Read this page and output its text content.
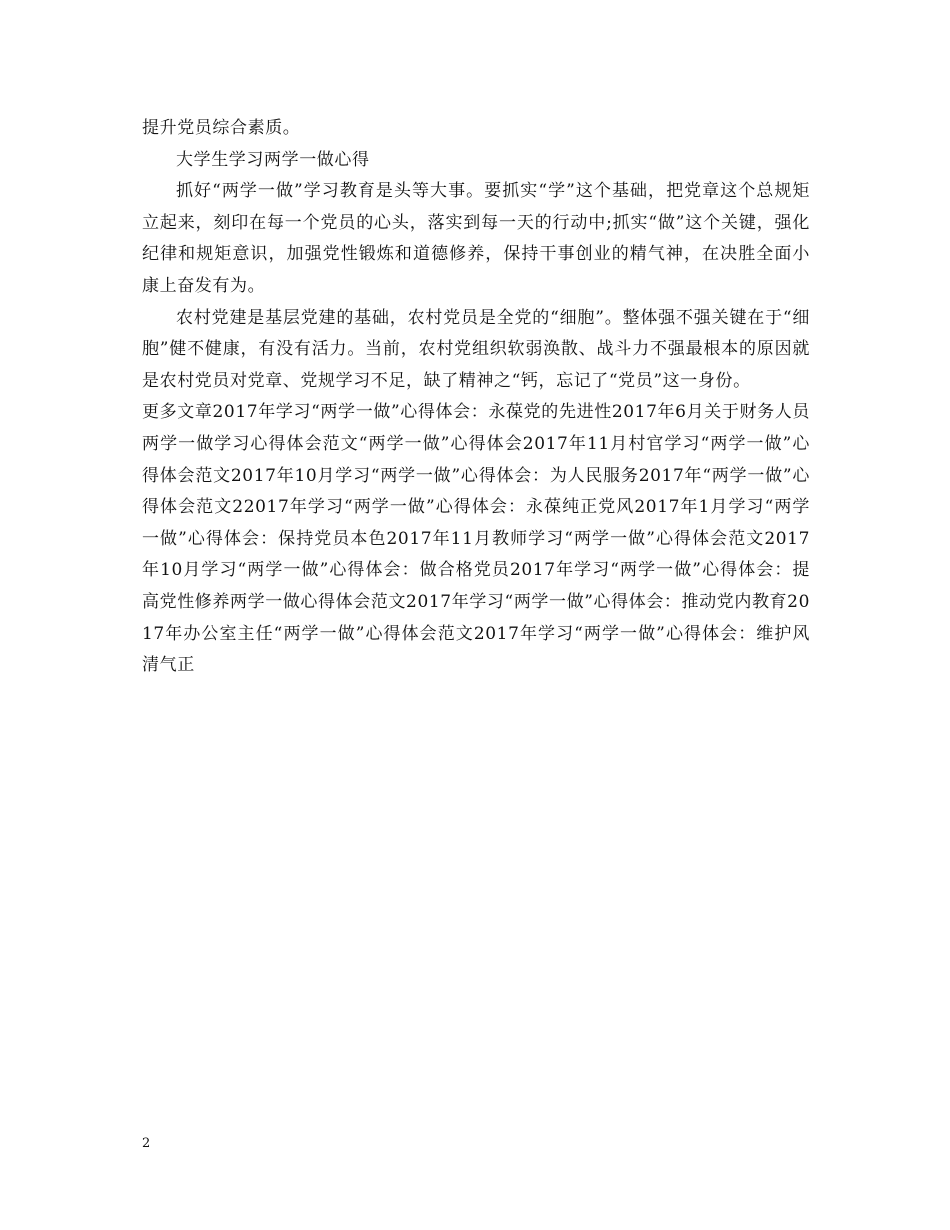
提升党员综合素质。

大学生学习两学一做心得

抓好“两学一做”学习教育是头等大事。要抓实“学”这个基础，把党章这个总规矩立起来，刻印在每一个党员的心头，落实到每一天的行动中;抓实“做”这个关键，强化纪律和规矩意识，加强党性锻炼和道德修养，保持干事创业的精气神，在决胜全面小康上奋发有为。

农村党建是基层党建的基础，农村党员是全党的“细胞”。整体强不强关键在于“细胞”健不健康，有没有活力。当前，农村党组织软弱涣散、战斗力不强最根本的原因就是农村党员对党章、党规学习不足，缺了精神之“钙，忘记了“党员”这一身份。

更多文章2017年学习“两学一做”心得体会：永葆党的先进性2017年6月关于财务人员两学一做学习心得体会范文“两学一做”心得体会2017年11月村官学习“两学一做”心得体会范文2017年10月学习“两学一做”心得体会：为人民服务2017年“两学一做”心得体会范文22017年学习“两学一做”心得体会：永葆纯正党风2017年1月学习“两学一做”心得体会：保持党员本色2017年11月教师学习“两学一做”心得体会范文2017年10月学习“两学一做”心得体会：做合格党员2017年学习“两学一做”心得体会：提高党性修养两学一做心得体会范文2017年学习“两学一做”心得体会：推动党内教育2017年办公室主任“两学一做”心得体会范文2017年学习“两学一做”心得体会：维护风清气正

2
